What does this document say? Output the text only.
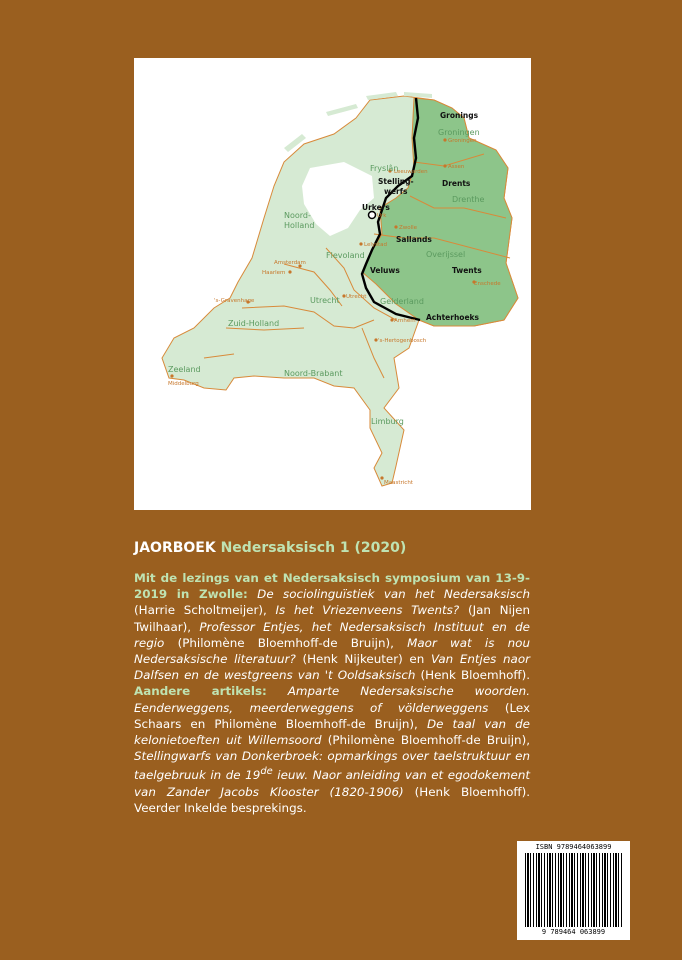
Gronings
Stelling-
werfs
Drents
Urkers
Sallands
Veluws	Twents
Achterhoeks
Groningen
Fryslân
Drenthe
Noord-
Holland
Flevoland	Overijssel
Utrecht	Gelderland
Zuid-Holland
Zeeland	Noord-Brabant
Limburg
Leeuwarden
Groningen
Assen
Urk
Zwolle
Lelystad
Haarlem
Amsterdam
Enschede
Utrecht
's-Gravenhage
Arnhem
's-Hertogenbosch
Middelburg
Maastricht
JAORBOEK Nedersaksisch 1 (2020)
Mit de lezings van et Nedersaksisch symposium van 13-9-2019 in Zwolle: De sociolinguïstiek van het Nedersaksisch (Harrie Scholtmeijer), Is het Vriezenveens Twents? (Jan Nijen Twilhaar), Professor Entjes, het Nedersaksisch Instituut en de regio (Philomène Bloemhoff-de Bruijn), Maor wat is nou Nedersaksische literatuur? (Henk Nijkeuter) en Van Entjes naor Dalfsen en de westgreens van 't Ooldsaksisch (Henk Bloemhoff). Aandere artikels: Amparte Nedersaksische woorden. Eenderweggens, meerderweggens of völderweggens (Lex Schaars en Philomène Bloemhoff-de Bruijn), De taal van de kelonietoeften uit Willemsoord (Philomène Bloemhoff-de Bruijn), Stellingwarfs van Donkerbroek: opmarkings over taelstruktuur en taelgebruuk in de 19de ieuw. Naor anleiding van et egodokement van Zander Jacobs Klooster (1820-1906) (Henk Bloemhoff). Veerder Inkelde besprekings.
ISBN 9789464063899
9 789464 063899
